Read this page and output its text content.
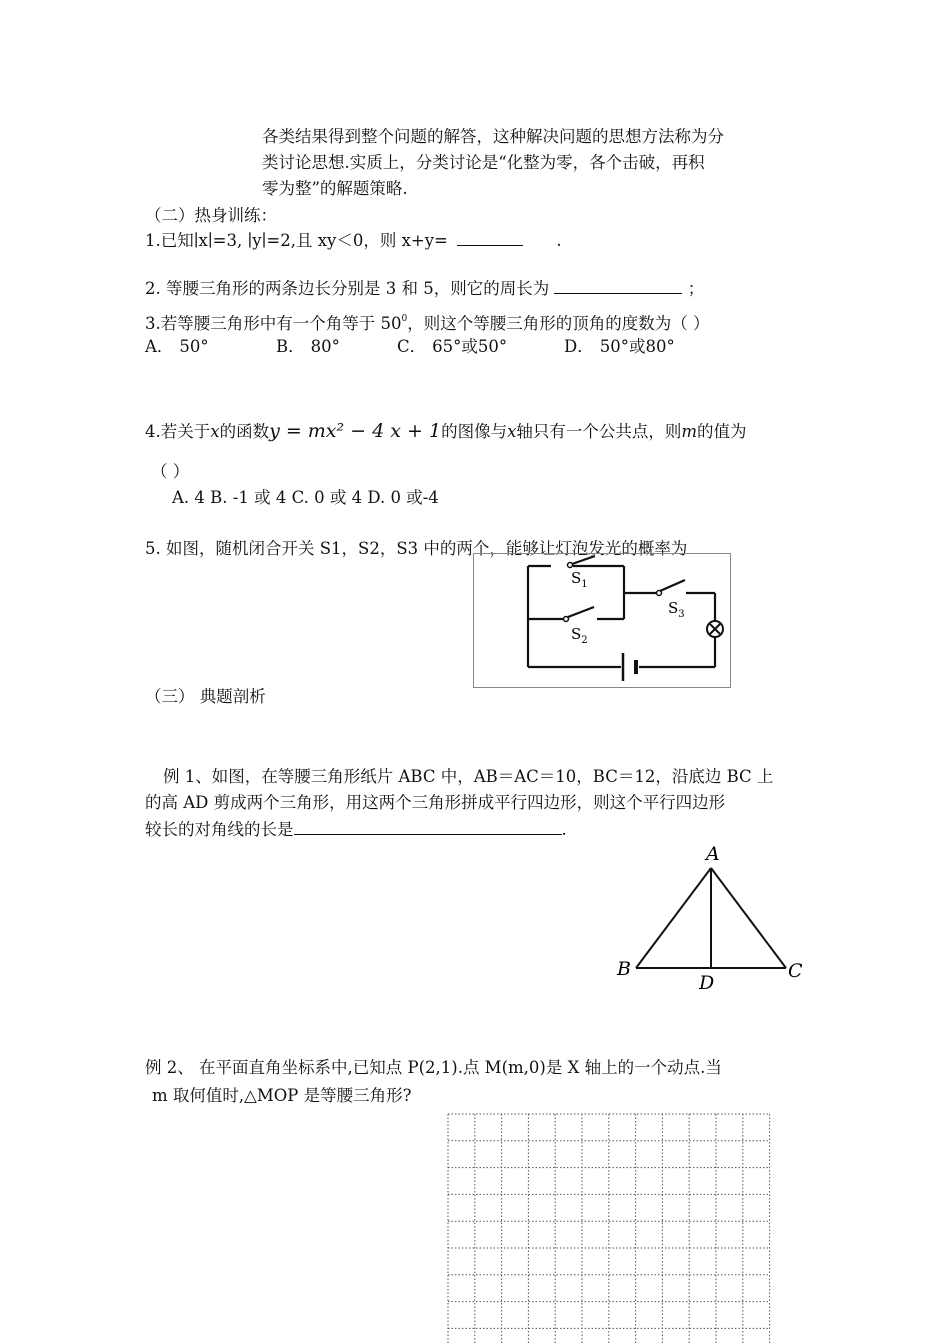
各类结果得到整个问题的解答，这种解决问题的思想方法称为分
类讨论思想.实质上，分类讨论是“化整为零，各个击破，再积
零为整”的解题策略.
（二）热身训练：
1.已知∣x∣=3, ∣y∣=2,且 xy＜0，则 x+y=	.
2. 等腰三角形的两条边长分别是 3 和 5，则它的周长为	；
3.若等腰三角形中有一个角等于 $50^0$，则这个等腰三角形的顶角的度数为（ ）
A． 50°	B． 80°	C． 65°或50°	D． 50°或80°
4.若关于x的函数y = mx² − 4 x + 1的图像与x轴只有一个公共点，则m的值为
（ ）
A. 4 B. -1 或 4 C. 0 或 4 D. 0 或-4
5. 如图，随机闭合开关 S1，S2，S3 中的两个，能够让灯泡发光的概率为
$S_1$
$S_2$
$S_3$
（三） 典题剖析
例 1、如图，在等腰三角形纸片 ABC 中，AB＝AC＝10，BC＝12，沿底边 BC 上
的高 AD 剪成两个三角形，用这两个三角形拼成平行四边形，则这个平行四边形
较长的对角线的长是	.
A
B	C
D
例 2、 在平面直角坐标系中,已知点 P(2,1).点 M(m,0)是 X 轴上的一个动点.当
m 取何值时,△MOP 是等腰三角形?
